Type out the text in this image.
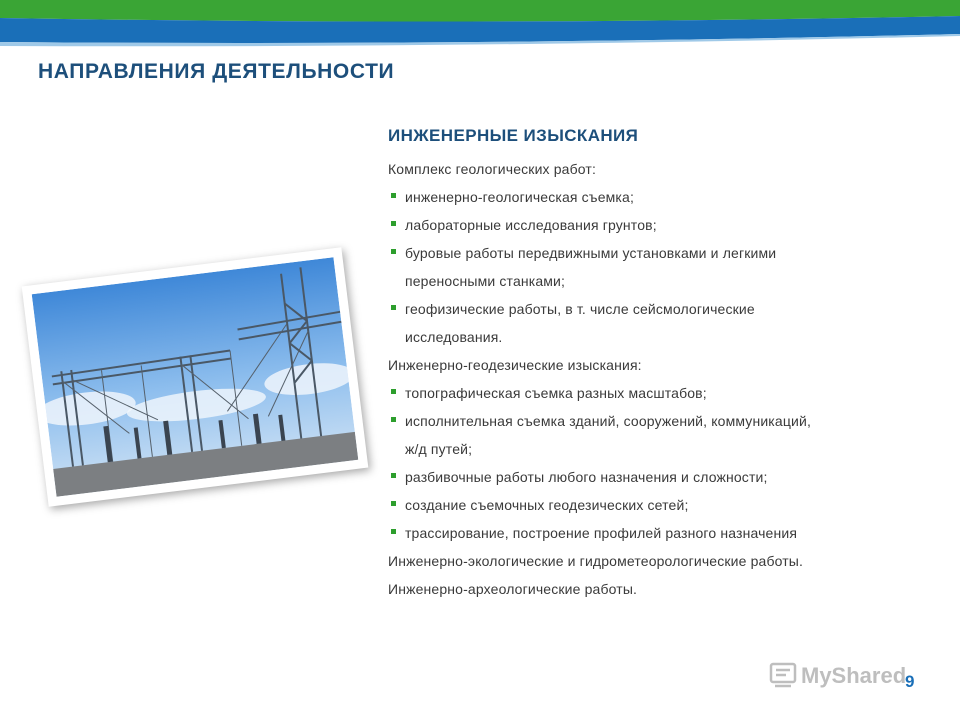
НАПРАВЛЕНИЯ ДЕЯТЕЛЬНОСТИ
ИНЖЕНЕРНЫЕ ИЗЫСКАНИЯ

Комплекс геологических работ:

инженерно-геологическая съемка;
лабораторные исследования грунтов;
буровые работы передвижными установками и легкими
переносными станками;
геофизические работы, в т. числе сейсмологические
исследования.

Инженерно-геодезические изыскания:

топографическая съемка разных масштабов;
исполнительная съемка зданий, сооружений, коммуникаций,
ж/д путей;
разбивочные работы любого назначения и сложности;
создание съемочных геодезических сетей;
трассирование, построение профилей разного назначения

Инженерно-экологические и гидрометеорологические работы.

Инженерно-археологические работы.

MyShared
9
